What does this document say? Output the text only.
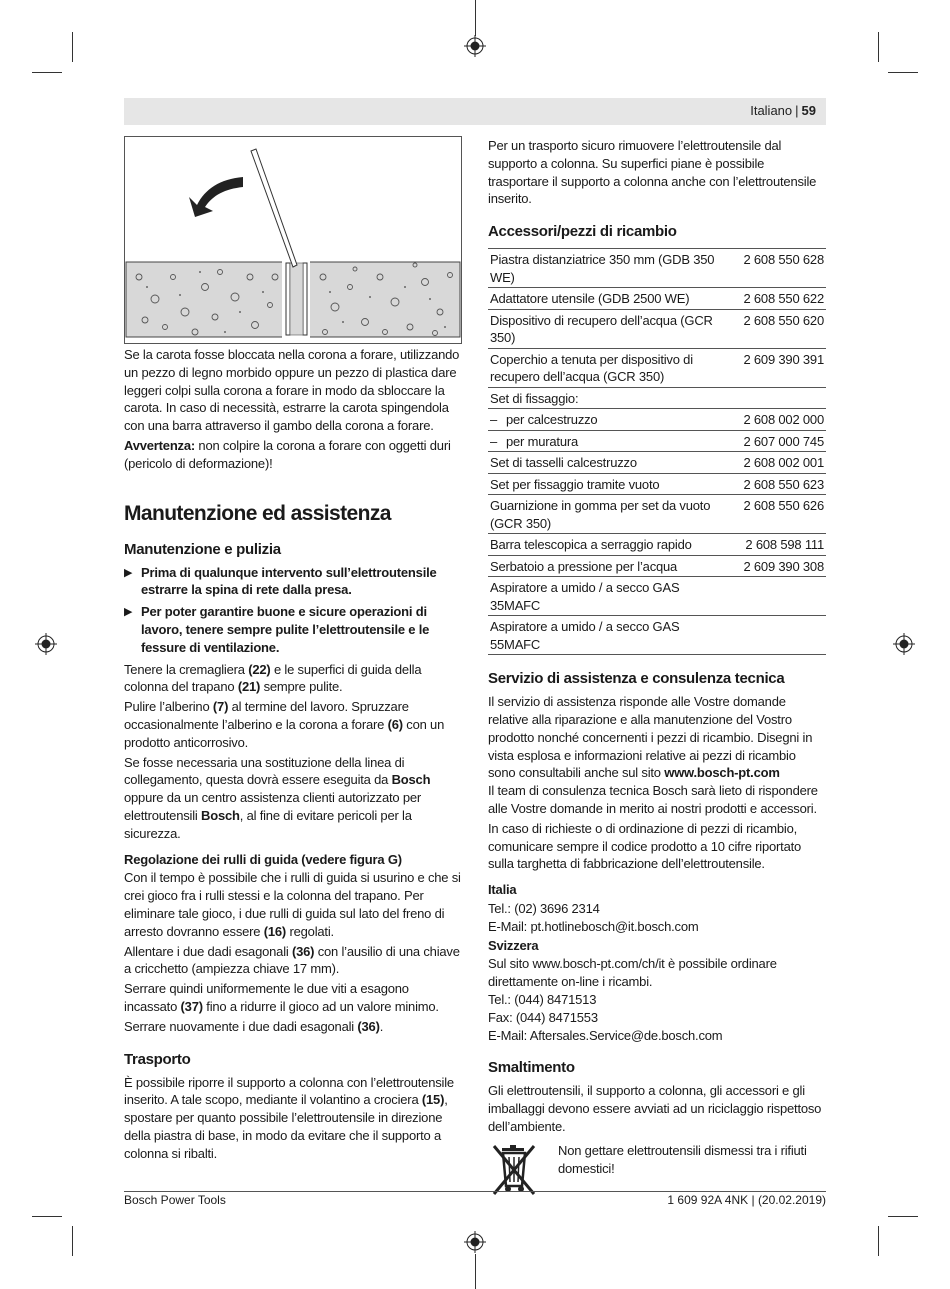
Italiano | 59

Se la carota fosse bloccata nella corona a forare, utilizzando un pezzo di legno morbido oppure un pezzo di plastica dare leggeri colpi sulla corona a forare in modo da sbloccare la carota. In caso di necessità, estrarre la carota spingendola con una barra attraverso il gambo della corona a forare.

Avvertenza: non colpire la corona a forare con oggetti duri (pericolo di deformazione)!

Manutenzione ed assistenza
Manutenzione e pulizia
▶ Prima di qualunque intervento sull’elettroutensile estrarre la spina di rete dalla presa.
▶ Per poter garantire buone e sicure operazioni di lavoro, tenere sempre pulite l’elettroutensile e le fessure di ventilazione.

Tenere la cremagliera (22) e le superfici di guida della colonna del trapano (21) sempre pulite.

Pulire l’alberino (7) al termine del lavoro. Spruzzare occasionalmente l’alberino e la corona a forare (6) con un prodotto anticorrosivo.

Se fosse necessaria una sostituzione della linea di collegamento, questa dovrà essere eseguita da Bosch oppure da un centro assistenza clienti autorizzato per elettroutensili Bosch, al fine di evitare pericoli per la sicurezza.

Regolazione dei rulli di guida (vedere figura G)

Con il tempo è possibile che i rulli di guida si usurino e che si crei gioco fra i rulli stessi e la colonna del trapano. Per eliminare tale gioco, i due rulli di guida sul lato del freno di arresto dovranno essere (16) regolati.

Allentare i due dadi esagonali (36) con l’ausilio di una chiave a cricchetto (ampiezza chiave 17 mm).

Serrare quindi uniformemente le due viti a esagono incassato (37) fino a ridurre il gioco ad un valore minimo.

Serrare nuovamente i due dadi esagonali (36).

Trasporto

È possibile riporre il supporto a colonna con l’elettroutensile inserito. A tale scopo, mediante il volantino a crociera (15), spostare per quanto possibile l’elettroutensile in direzione della piastra di base, in modo da evitare che il supporto a colonna si ribalti.

Per un trasporto sicuro rimuovere l’elettroutensile dal supporto a colonna. Su superfici piane è possibile trasportare il supporto a colonna anche con l’elettroutensile inserito.

Accessori/pezzi di ricambio
Piastra distanziatrice 350 mm (GDB 350 WE)	2 608 550 628
Adattatore utensile (GDB 2500 WE)	2 608 550 622
Dispositivo di recupero dell’acqua (GCR 350)	2 608 550 620
Coperchio a tenuta per dispositivo di recupero dell’acqua (GCR 350)	2 609 390 391
Set di fissaggio:	
– per calcestruzzo	2 608 002 000
– per muratura	2 607 000 745
Set di tasselli calcestruzzo	2 608 002 001
Set per fissaggio tramite vuoto	2 608 550 623
Guarnizione in gomma per set da vuoto (GCR 350)	2 608 550 626
Barra telescopica a serraggio rapido	2 608 598 111
Serbatoio a pressione per l’acqua	2 609 390 308
Aspiratore a umido / a secco GAS 35MAFC	
Aspiratore a umido / a secco GAS 55MAFC	
Servizio di assistenza e consulenza tecnica

Il servizio di assistenza risponde alle Vostre domande relative alla riparazione e alla manutenzione del Vostro prodotto nonché concernenti i pezzi di ricambio. Disegni in vista esplosa e informazioni relative ai pezzi di ricambio sono consultabili anche sul sito www.bosch-pt.com

Il team di consulenza tecnica Bosch sarà lieto di rispondere alle Vostre domande in merito ai nostri prodotti e accessori.

In caso di richieste o di ordinazione di pezzi di ricambio, comunicare sempre il codice prodotto a 10 cifre riportato sulla targhetta di fabbricazione dell’elettroutensile.

Italia
Tel.: (02) 3696 2314
E-Mail: pt.hotlinebosch@it.bosch.com
Svizzera
Sul sito www.bosch-pt.com/ch/it è possibile ordinare direttamente on-line i ricambi.
Tel.: (044) 8471513
Fax: (044) 8471553
E-Mail: Aftersales.Service@de.bosch.com
Smaltimento

Gli elettroutensili, il supporto a colonna, gli accessori e gli imballaggi devono essere avviati ad un riciclaggio rispettoso dell’ambiente.

Non gettare elettroutensili dismessi tra i rifiuti domestici!
Bosch Power Tools	1 609 92A 4NK | (20.02.2019)
